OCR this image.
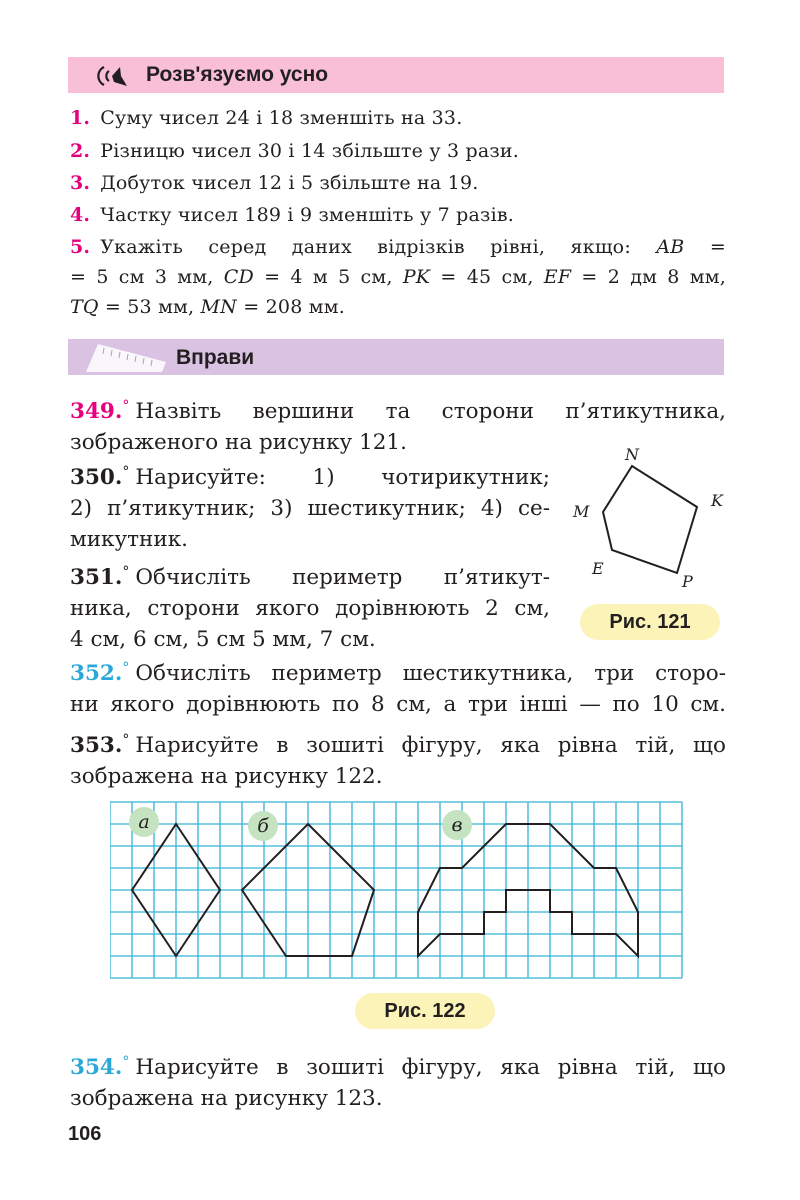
Розв'язуємо усно
1. Суму чисел 24 і 18 зменшіть на 33.
2. Різницю чисел 30 і 14 збільште у 3 рази.
3. Добуток чисел 12 і 5 збільште на 19.
4. Частку чисел 189 і 9 зменшіть у 7 разів.
5. Укажіть серед даних відрізків рівні, якщо: AB =
= 5 см 3 мм, CD = 4 м 5 см, PK = 45 см, EF = 2 дм 8 мм,
TQ = 53 мм, MN = 208 мм.
Вправи
349.° Назвіть вершини та сторони п’ятикутника,
зображеного на рисунку 121.
350.° Нарисуйте: 1) чотирикутник;
2) п’ятикутник; 3) шестикутник; 4) се-
микутник.
351.° Обчисліть периметр п’ятикут-
ника, сторони якого дорівнюють 2 см,
4 см, 6 см, 5 см 5 мм, 7 см.
N
K
P
E
M
Рис. 121
352.° Обчисліть периметр шестикутника, три сторо-
ни якого дорівнюють по 8 см, а три інші — по 10 см.
353.° Нарисуйте в зошиті фігуру, яка рівна тій, що
зображена на рисунку 122.
а	б	в
Рис. 122
354.° Нарисуйте в зошиті фігуру, яка рівна тій, що
зображена на рисунку 123.
106
